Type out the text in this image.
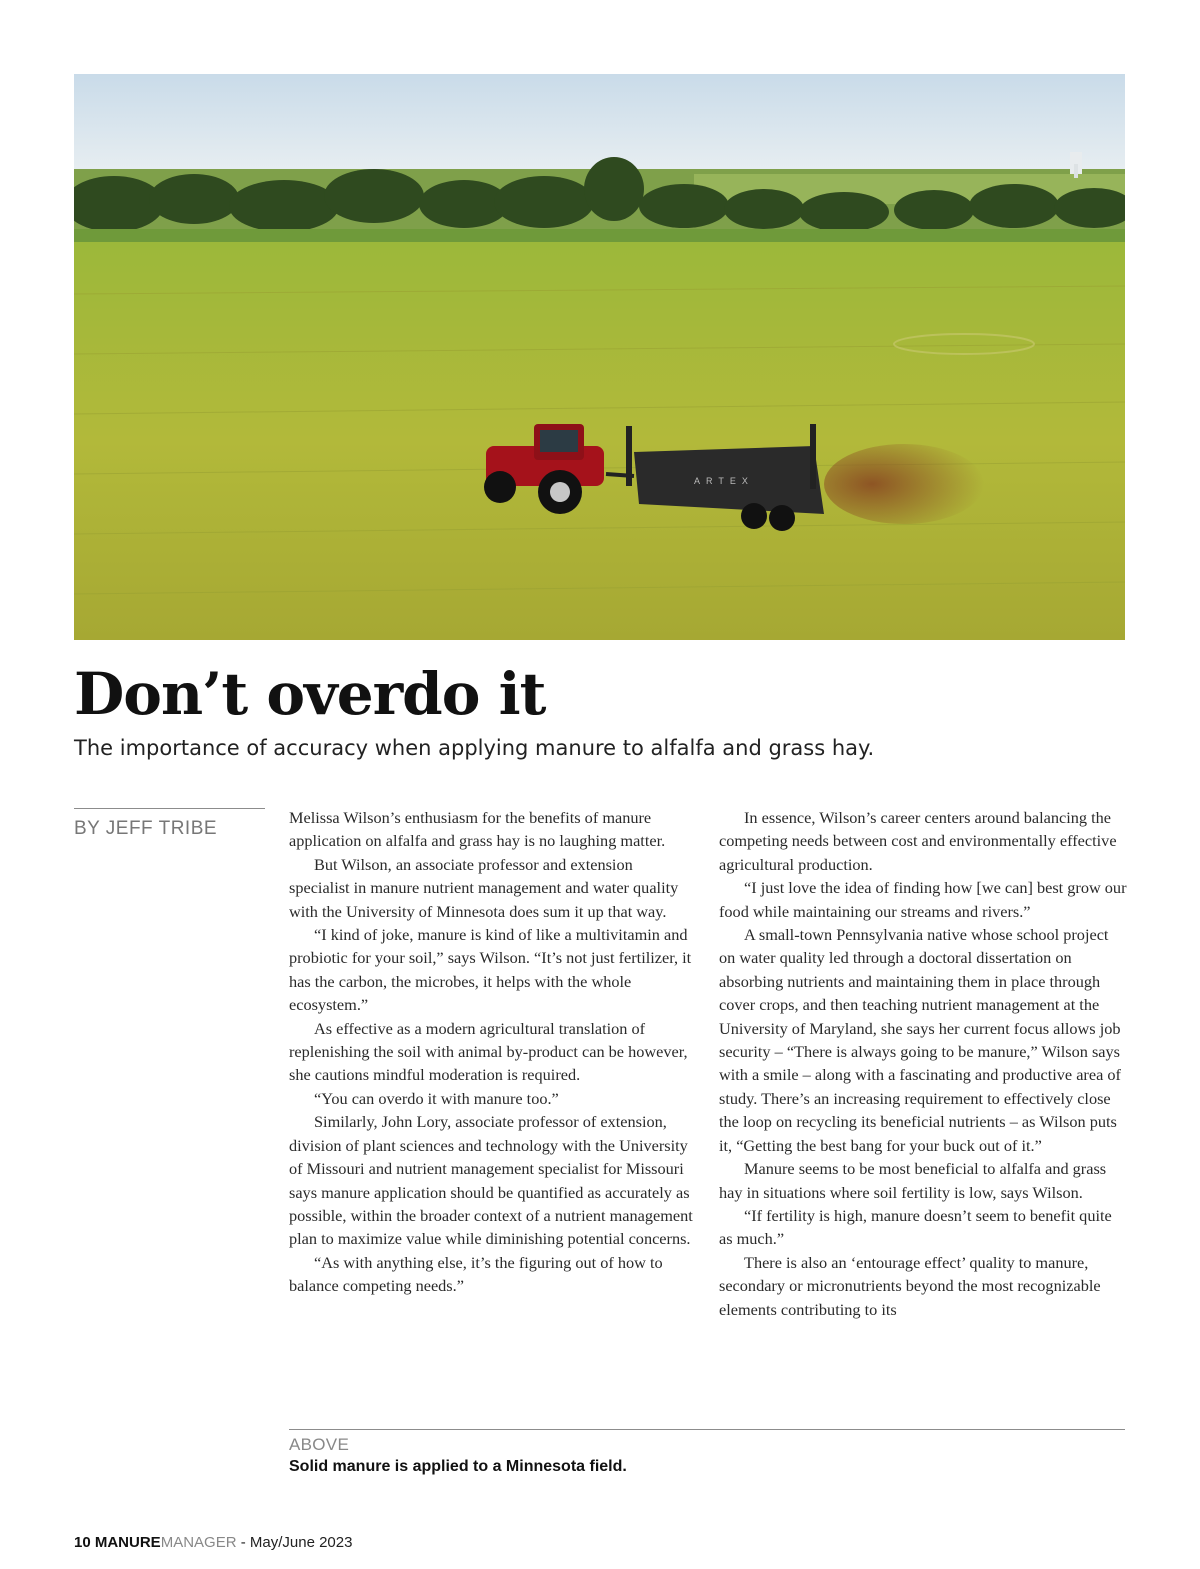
ARTEX
Don’t overdo it

The importance of accuracy when applying manure to alfalfa and grass hay.

BY JEFF TRIBE

Melissa Wilson’s enthusiasm for the benefits of manure application on alfalfa and grass hay is no laughing matter.

But Wilson, an associate professor and extension specialist in manure nutrient management and water quality with the University of Minnesota does sum it up that way.

“I kind of joke, manure is kind of like a multivitamin and probiotic for your soil,” says Wilson. “It’s not just fertilizer, it has the carbon, the microbes, it helps with the whole ecosystem.”

As effective as a modern agricultural translation of replenishing the soil with animal by-product can be however, she cautions mindful moderation is required.

“You can overdo it with manure too.”

Similarly, John Lory, associate professor of extension, division of plant sciences and technology with the University of Missouri and nutrient management specialist for Missouri says manure application should be quantified as accurately as possible, within the broader context of a nutrient management plan to maximize value while diminishing potential concerns.

“As with anything else, it’s the figuring out of how to balance competing needs.”

In essence, Wilson’s career centers around balancing the competing needs between cost and environmentally effective agricultural production.

“I just love the idea of finding how [we can] best grow our food while maintaining our streams and rivers.”

A small-town Pennsylvania native whose school project on water quality led through a doctoral dissertation on absorbing nutrients and maintaining them in place through cover crops, and then teaching nutrient management at the University of Maryland, she says her current focus allows job security – “There is always going to be manure,” Wilson says with a smile – along with a fascinating and productive area of study. There’s an increasing requirement to effectively close the loop on recycling its beneficial nutrients – as Wilson puts it, “Getting the best bang for your buck out of it.”

Manure seems to be most beneficial to alfalfa and grass hay in situations where soil fertility is low, says Wilson.

“If fertility is high, manure doesn’t seem to benefit quite as much.”

There is also an ‘entourage effect’ quality to manure, secondary or micronutrients beyond the most recognizable elements contributing to its

ABOVE
Solid manure is applied to a Minnesota field.
10 MANUREMANAGER - May/June 2023
